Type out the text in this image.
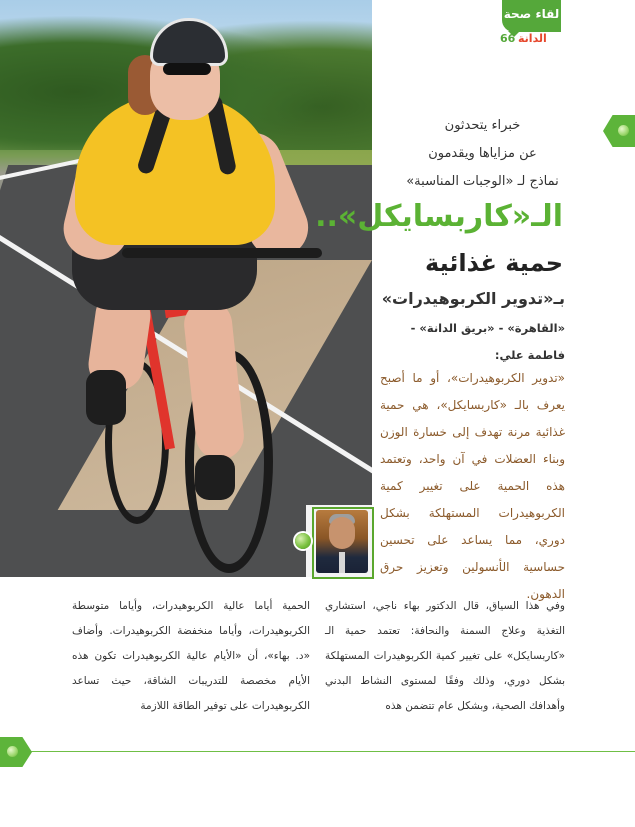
لقاء صحة
66 الدانة
خبراء يتحدثون
عن مزاياها ويقدمون
نماذج لـ «الوجبات المناسبة»
الـ«كاربسايكل»..
حمية غذائية
بـ«تدوير الكربوهيدرات»
«القاهرة» - «بريق الدانة» - فاطمة علي:
«تدوير الكربوهيدرات»، أو ما أصبح يعرف بالـ «كاربسايكل»، هي حمية غذائية مرنة تهدف إلى خسارة الوزن وبناء العضلات في آن واحد، وتعتمد هذه الحمية على تغيير كمية الكربوهيدرات المستهلكة بشكل دوري، مما يساعد على تحسين حساسية الأنسولين وتعزيز حرق الدهون.
وفي هذا السياق، قال الدكتور بهاء ناجي، استشاري التغذية وعلاج السمنة والنحافة: تعتمد حمية الـ «كاربسايكل» على تغيير كمية الكربوهيدرات المستهلكة بشكل دوري، وذلك وفقًا لمستوى النشاط البدني وأهدافك الصحية، وبشكل عام تتضمن هذه
الحمية أياما عالية الكربوهيدرات، وأياما متوسطة الكربوهيدرات، وأياما منخفضة الكربوهيدرات. وأضاف «د. بهاء»، أن «الأيام عالية الكربوهيدرات تكون هذه الأيام مخصصة للتدريبات الشاقة، حيث تساعد الكربوهيدرات على توفير الطاقة اللازمة
